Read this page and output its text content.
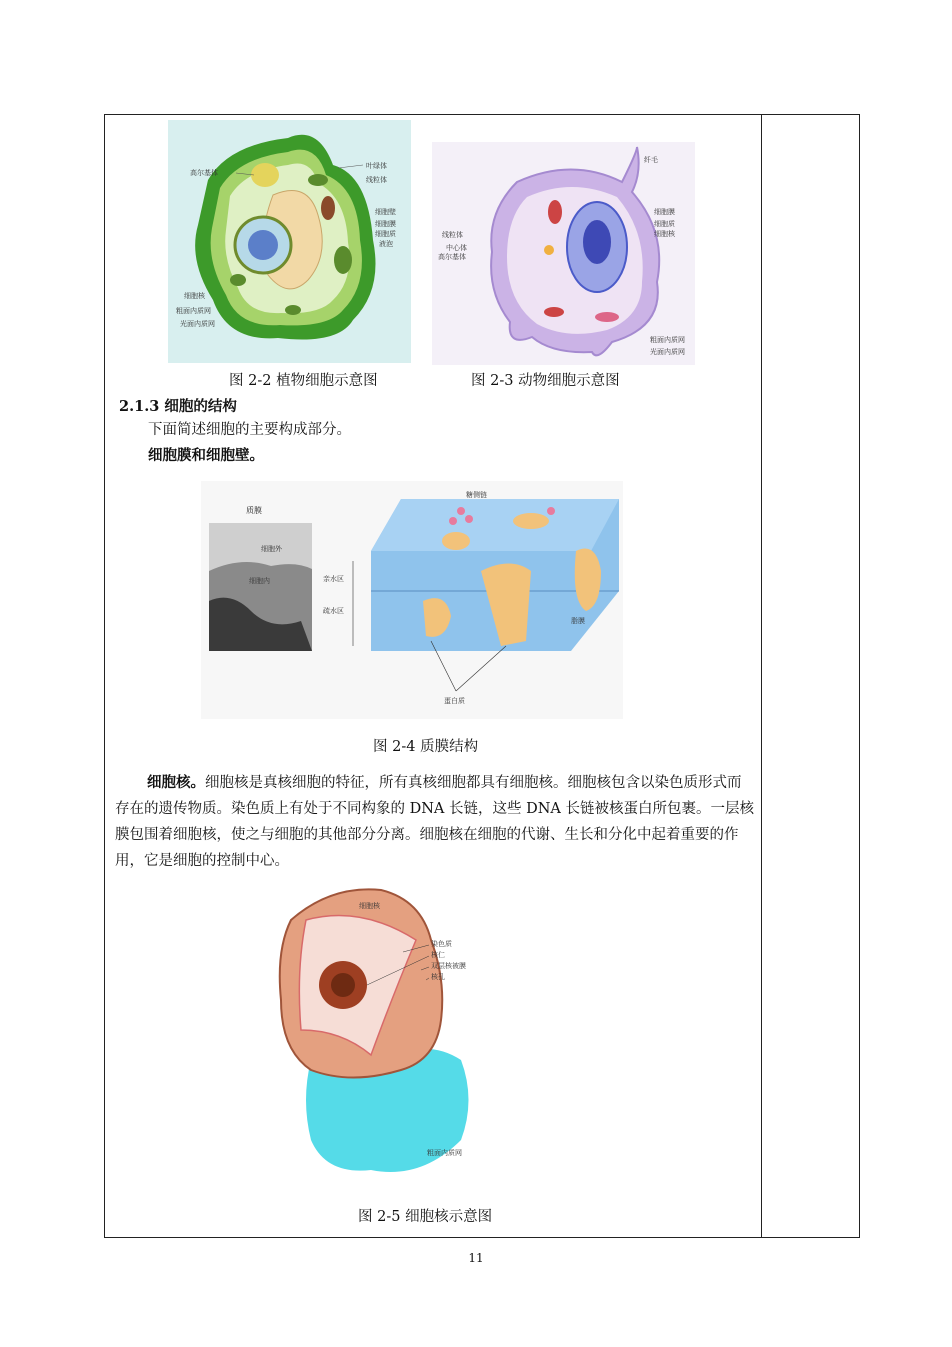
高尔基体
叶绿体
线粒体
细胞壁
细胞膜
细胞质
液泡
细胞核
粗面内质网
光面内质网
纤毛
细胞膜
细胞质
细胞核
线粒体
中心体
高尔基体
粗面内质网
光面内质网
图 2-2 植物细胞示意图	图 2-3 动物细胞示意图
2.1.3 细胞的结构
下面简述细胞的主要构成部分。
细胞膜和细胞壁。
质膜
细胞外
细胞内
糖侧链
亲水区
疏水区
脂膜
蛋白质
图 2-4 质膜结构
细胞核。细胞核是真核细胞的特征，所有真核细胞都具有细胞核。细胞核包含以染色质形式而存在的遗传物质。染色质上有处于不同构象的 DNA 长链，这些 DNA 长链被核蛋白所包裹。一层核膜包围着细胞核，使之与细胞的其他部分分离。细胞核在细胞的代谢、生长和分化中起着重要的作用，它是细胞的控制中心。
细胞核
染色质
核仁
双层核被膜
核孔
粗面内质网
图 2-5 细胞核示意图
11
